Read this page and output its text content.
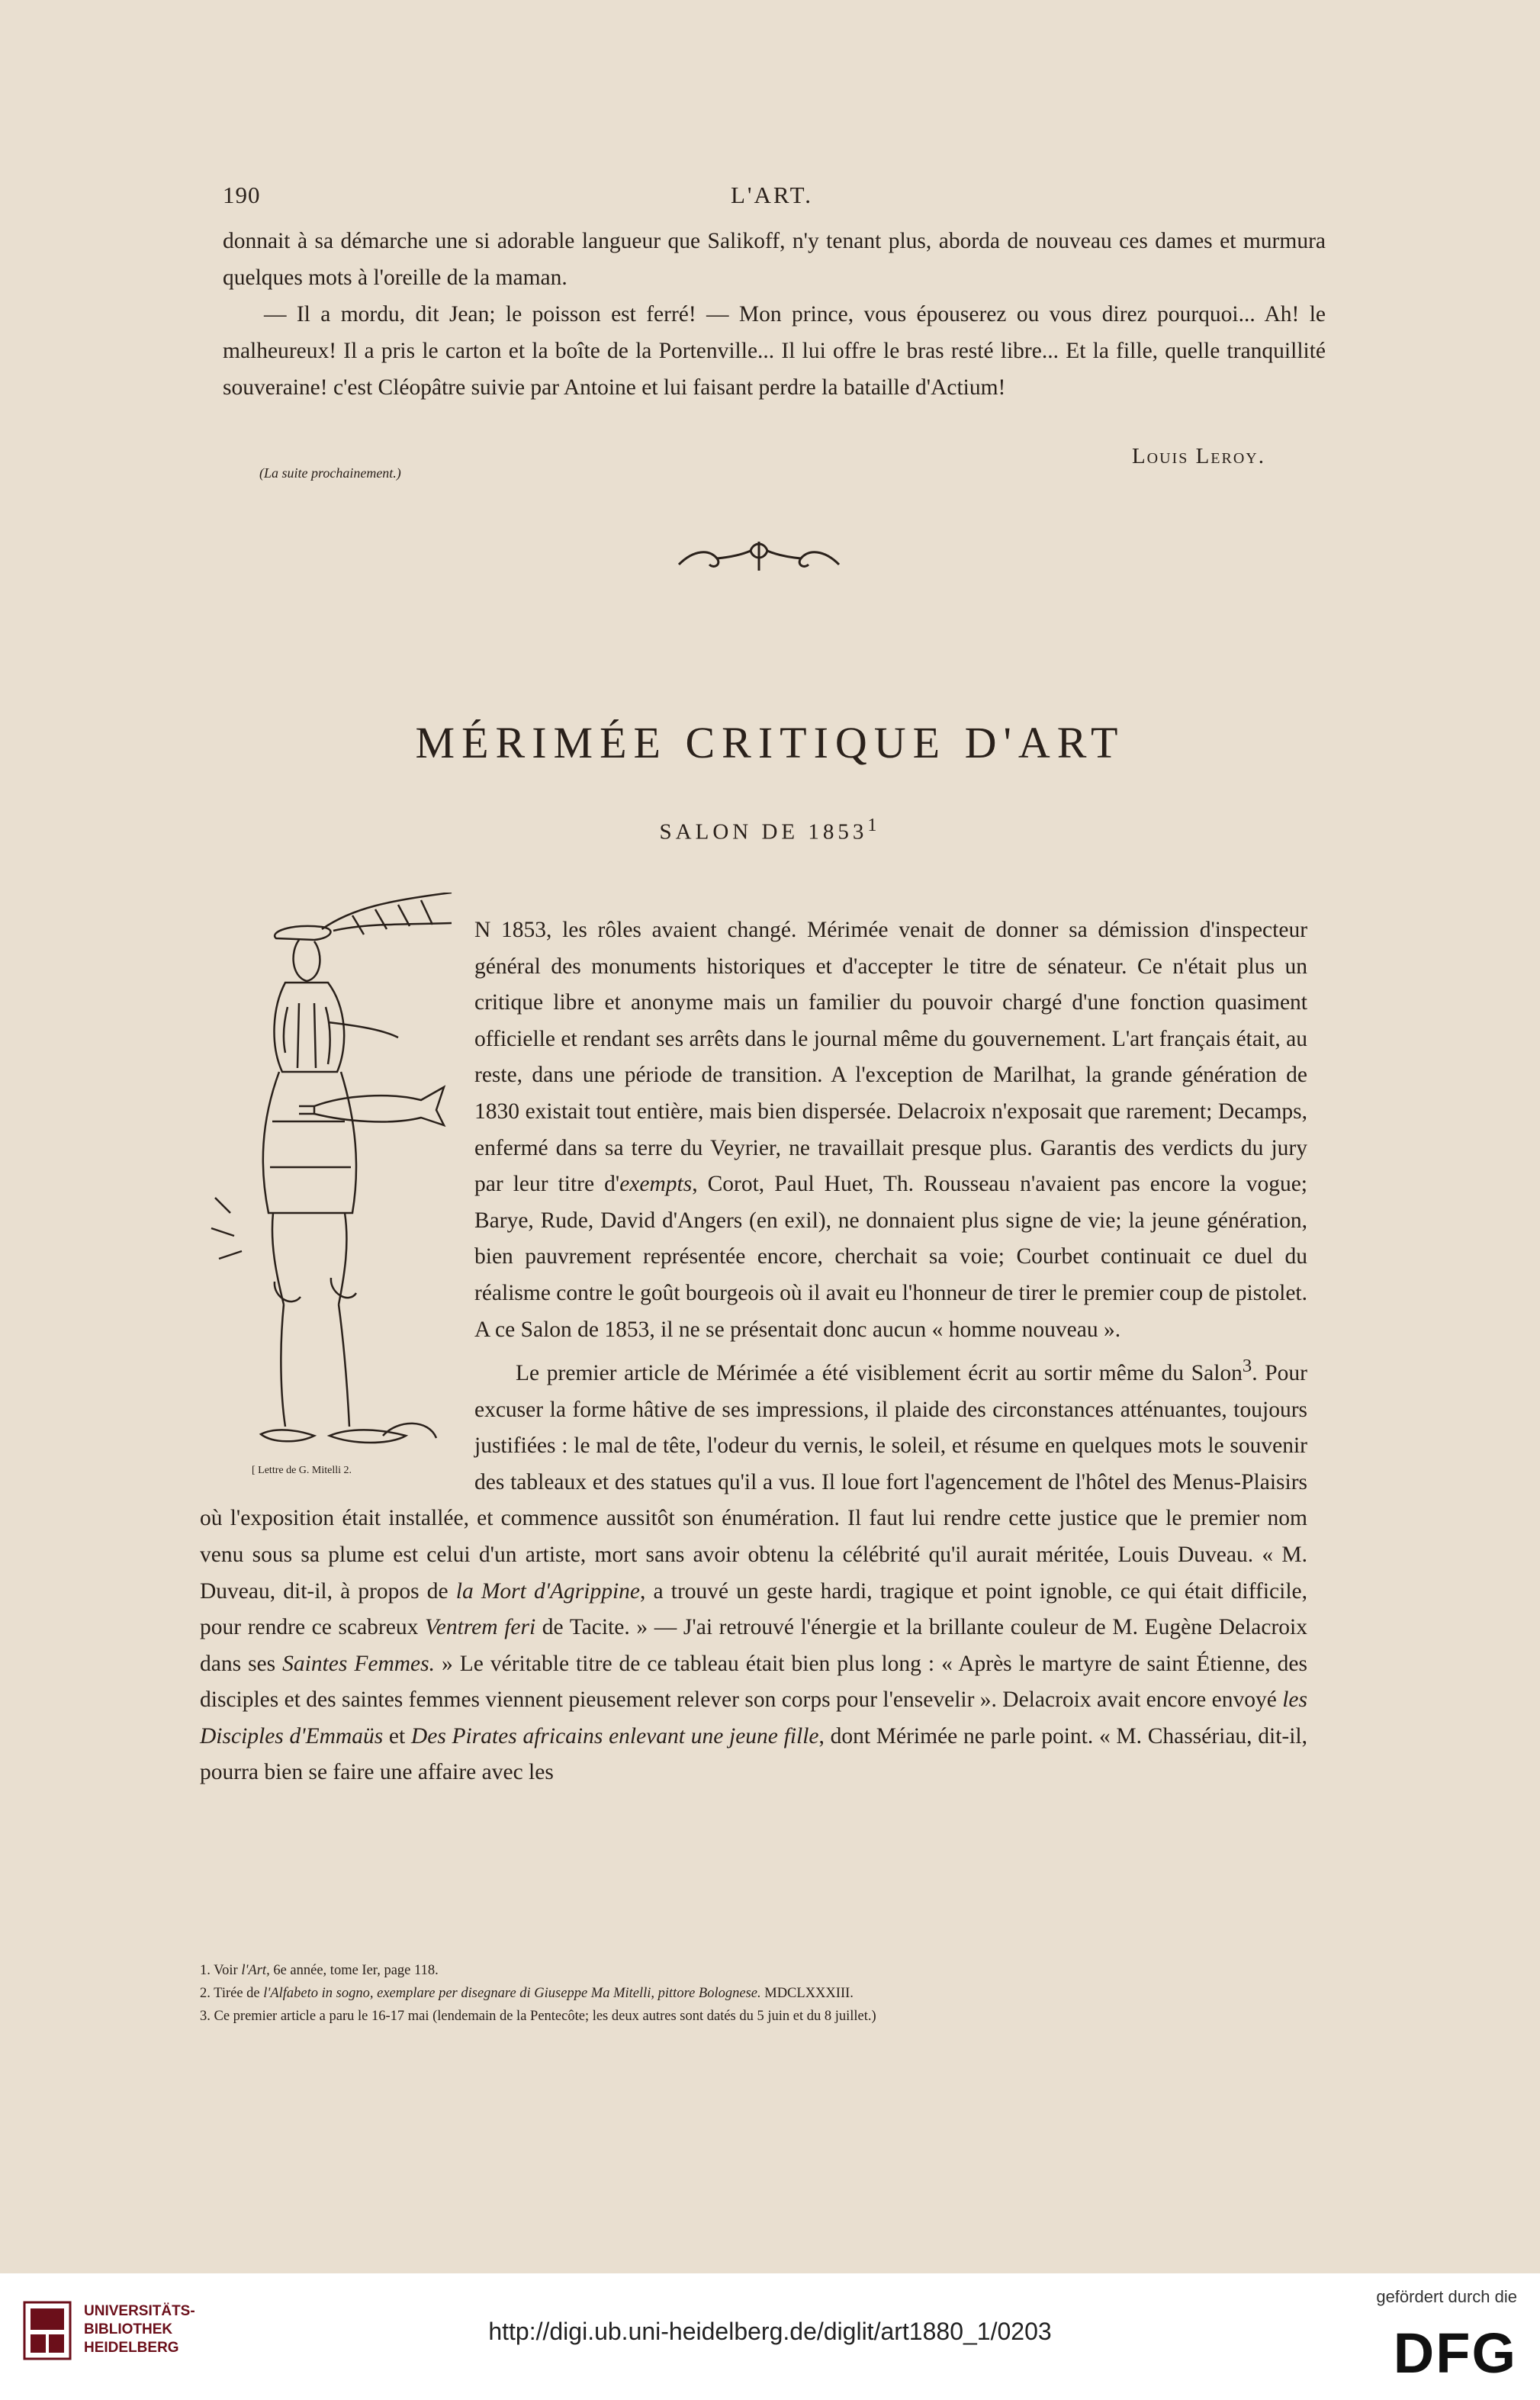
190	L'ART.

donnait à sa démarche une si adorable langueur que Salikoff, n'y tenant plus, aborda de nouveau ces dames et murmura quelques mots à l'oreille de la maman.

— Il a mordu, dit Jean; le poisson est ferré! — Mon prince, vous épouserez ou vous direz pourquoi... Ah! le malheureux! Il a pris le carton et la boîte de la Portenville... Il lui offre le bras resté libre... Et la fille, quelle tranquillité souveraine! c'est Cléopâtre suivie par Antoine et lui faisant perdre la bataille d'Actium!

Louis Leroy.
(La suite prochainement.)
MÉRIMÉE CRITIQUE D'ART
SALON DE 1853$^1$
[ Lettre de G. Mitelli 2.

N 1853, les rôles avaient changé. Mérimée venait de donner sa démission d'inspecteur général des monuments historiques et d'accepter le titre de sénateur. Ce n'était plus un critique libre et anonyme mais un familier du pouvoir chargé d'une fonction quasiment officielle et rendant ses arrêts dans le journal même du gouvernement. L'art français était, au reste, dans une période de transition. A l'exception de Marilhat, la grande génération de 1830 existait tout entière, mais bien dispersée. Delacroix n'exposait que rarement; Decamps, enfermé dans sa terre du Veyrier, ne travaillait presque plus. Garantis des verdicts du jury par leur titre d'exempts, Corot, Paul Huet, Th. Rousseau n'avaient pas encore la vogue; Barye, Rude, David d'Angers (en exil), ne donnaient plus signe de vie; la jeune génération, bien pauvrement représentée encore, cherchait sa voie; Courbet continuait ce duel du réalisme contre le goût bourgeois où il avait eu l'honneur de tirer le premier coup de pistolet. A ce Salon de 1853, il ne se présentait donc aucun « homme nouveau ».

Le premier article de Mérimée a été visiblement écrit au sortir même du Salon$^3$. Pour excuser la forme hâtive de ses impressions, il plaide des circonstances atténuantes, toujours justifiées : le mal de tête, l'odeur du vernis, le soleil, et résume en quelques mots le souvenir des tableaux et des statues qu'il a vus. Il loue fort l'agencement de l'hôtel des Menus-Plaisirs où l'exposition était installée, et commence aussitôt son énumération. Il faut lui rendre cette justice que le premier nom venu sous sa plume est celui d'un artiste, mort sans avoir obtenu la célébrité qu'il aurait méritée, Louis Duveau. « M. Duveau, dit-il, à propos de la Mort d'Agrippine, a trouvé un geste hardi, tragique et point ignoble, ce qui était difficile, pour rendre ce scabreux Ventrem feri de Tacite. » — J'ai retrouvé l'énergie et la brillante couleur de M. Eugène Delacroix dans ses Saintes Femmes. » Le véritable titre de ce tableau était bien plus long : « Après le martyre de saint Étienne, des disciples et des saintes femmes viennent pieusement relever son corps pour l'ensevelir ». Delacroix avait encore envoyé les Disciples d'Emmaüs et Des Pirates africains enlevant une jeune fille, dont Mérimée ne parle point. « M. Chassériau, dit-il, pourra bien se faire une affaire avec les

1. Voir l'Art, 6e année, tome Ier, page 118.

2. Tirée de l'Alfabeto in sogno, exemplare per disegnare di Giuseppe Ma Mitelli, pittore Bolognese. MDCLXXXIII.

3. Ce premier article a paru le 16-17 mai (lendemain de la Pentecôte; les deux autres sont datés du 5 juin et du 8 juillet.)

UNIVERSITÄTS-
BIBLIOTHEK
HEIDELBERG
http://digi.ub.uni-heidelberg.de/diglit/art1880_1/0203
gefördert durch die
DFG
